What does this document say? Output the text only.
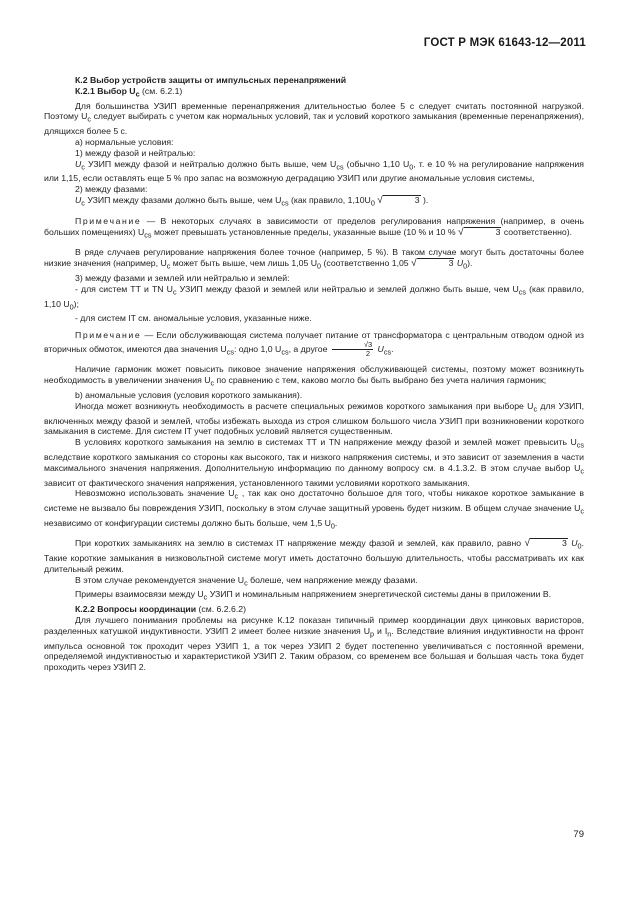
ГОСТ Р МЭК 61643-12—2011

К.2 Выбор устройств защиты от импульсных перенапряжений

К.2.1 Выбор $U_c$ (см. 6.2.1)

Для большинства УЗИП временные перенапряжения длительностью более 5 с следует считать постоянной нагрузкой. Поэтому $U_c$ следует выбирать с учетом как нормальных условий, так и условий короткого замыкания (временные перенапряжения), длящихся более 5 с.

а) нормальные условия:

1) между фазой и нейтралью:

$U_c$ УЗИП между фазой и нейтралью должно быть выше, чем $U_{cs}$ (обычно 1,10 $U_0$, т. е 10 % на регулирование напряжения или 1,15, если оставлять еще 5 % про запас на возможную деградацию УЗИП или другие аномальные условия системы,

2) между фазами:

$U_c$ УЗИП между фазами должно быть выше, чем $U_{cs}$ (как правило, $1,10U_0$ √	3 ).

Примечание — В некоторых случаях в зависимости от пределов регулирования напряжения (например, в очень больших помещениях) $U_{cs}$ может превышать установленные пределы, указанные выше (10 % и 10 % √	3 соответственно).

В ряде случаев регулирование напряжения более точное (например, 5 %). В таком случае могут быть достаточны более низкие значения (например, $U_c$ может быть выше, чем лишь 1,05 $U_0$ (соответственно 1,05 √	3 $U_0$).

3) между фазами и землей или нейтралью и землей:

- для систем ТТ и TN $U_c$ УЗИП между фазой и землей или нейтралью и землей должно быть выше, чем $U_{cs}$ (как правило, 1,10 $U_0$);

- для систем IT см. аномальные условия, указанные ниже.

Примечание — Если обслуживающая система получает питание от трансформатора с центральным отводом одной из вторичных обмоток, имеются два значения $U_{cs}$: одно 1,0 $U_{cs}$, а другое $\frac{√3}{2} U_{cs}$.

Наличие гармоник может повысить пиковое значение напряжения обслуживающей системы, поэтому может возникнуть необходимость в увеличении значения $U_c$ по сравнению с тем, каково могло бы быть выбрано без учета наличия гармоник;

b) аномальные условия (условия короткого замыкания).

Иногда может возникнуть необходимость в расчете специальных режимов короткого замыкания при выборе $U_c$ для УЗИП, включенных между фазой и землей, чтобы избежать выхода из строя слишком большого числа УЗИП при возникновении короткого замыкания в системе. Для систем IT учет подобных условий является существенным.

В условиях короткого замыкания на землю в системах ТТ и TN напряжение между фазой и землей может превысить $U_{cs}$ вследствие короткого замыкания со стороны как высокого, так и низкого напряжения системы, и это зависит от заземления в части максимального значения напряжения. Дополнительную информацию по данному вопросу см. в 4.1.3.2. В этом случае выбор $U_c$ зависит от фактического значения напряжения, установленного такими условиями короткого замыкания.

Невозможно использовать значение $U_c$ , так как оно достаточно большое для того, чтобы никакое короткое замыкание в системе не вызвало бы повреждения УЗИП, поскольку в этом случае защитный уровень будет низким. В общем случае значение $U_c$ независимо от конфигурации системы должно быть больше, чем 1,5 $U_0$.

При коротких замыканиях на землю в системах IT напряжение между фазой и землей, как правило, равно √	3 $U_0$. Такие короткие замыкания в низковольтной системе могут иметь достаточно большую длительность, чтобы рассматривать их как длительный режим.

В этом случае рекомендуется значение $U_c$ болеше, чем напряжение между фазами.

Примеры взаимосвязи между $U_c$ УЗИП и номинальным напряжением энергетической системы даны в приложении В.

К.2.2 Вопросы координации (см. 6.2.6.2)

Для лучшего понимания проблемы на рисунке К.12 показан типичный пример координации двух цинковых варисторов, разделенных катушкой индуктивности. УЗИП 2 имеет более низкие значения $U_p$ и $I_n$. Вследствие влияния индуктивности на фронт импульса основной ток проходит через УЗИП 1, а ток через УЗИП 2 будет постепенно увеличиваться с постоянной времени, определяемой индуктивностью и характеристикой УЗИП 2. Таким образом, со временем все большая и большая часть тока будет проходить через УЗИП 2.

79
